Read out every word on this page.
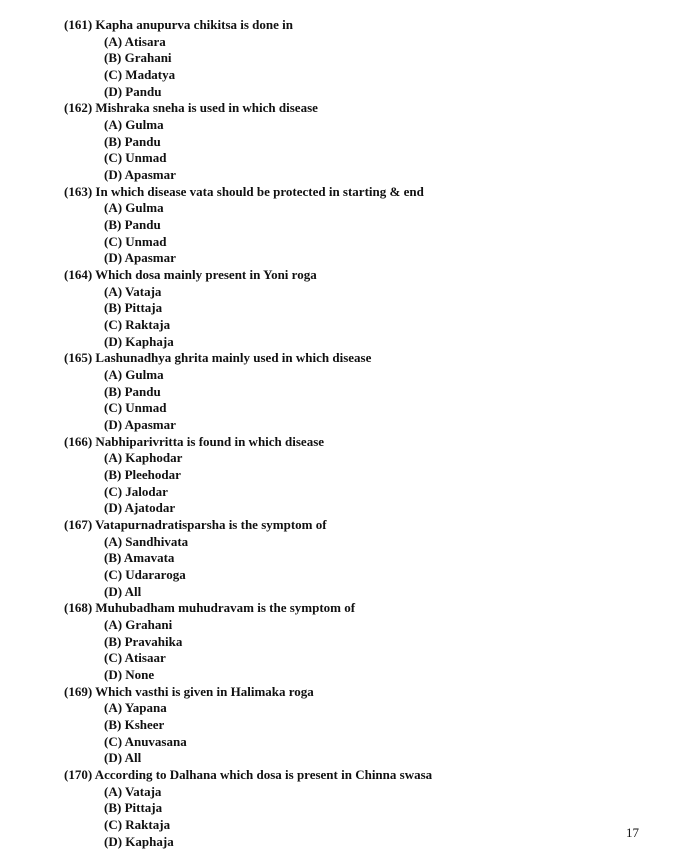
(161) Kapha anupurva chikitsa is done in
(A) Atisara
(B) Grahani
(C) Madatya
(D) Pandu
(162) Mishraka sneha is used in which disease
(A) Gulma
(B) Pandu
(C) Unmad
(D) Apasmar
(163) In which disease vata should be protected in starting & end
(A) Gulma
(B) Pandu
(C) Unmad
(D) Apasmar
(164) Which dosa mainly present in Yoni roga
(A) Vataja
(B) Pittaja
(C) Raktaja
(D) Kaphaja
(165) Lashunadhya ghrita mainly used in which disease
(A) Gulma
(B) Pandu
(C) Unmad
(D) Apasmar
(166) Nabhiparivritta is found in which disease
(A) Kaphodar
(B) Pleehodar
(C) Jalodar
(D) Ajatodar
(167) Vatapurnadratisparsha is the symptom of
(A) Sandhivata
(B) Amavata
(C) Udararoga
(D) All
(168) Muhubadham muhudravam is the symptom of
(A) Grahani
(B) Pravahika
(C) Atisaar
(D) None
(169) Which vasthi is given in Halimaka roga
(A) Yapana
(B) Ksheer
(C) Anuvasana
(D) All
(170) According to Dalhana which dosa is present in Chinna swasa
(A) Vataja
(B) Pittaja
(C) Raktaja
(D) Kaphaja
17
